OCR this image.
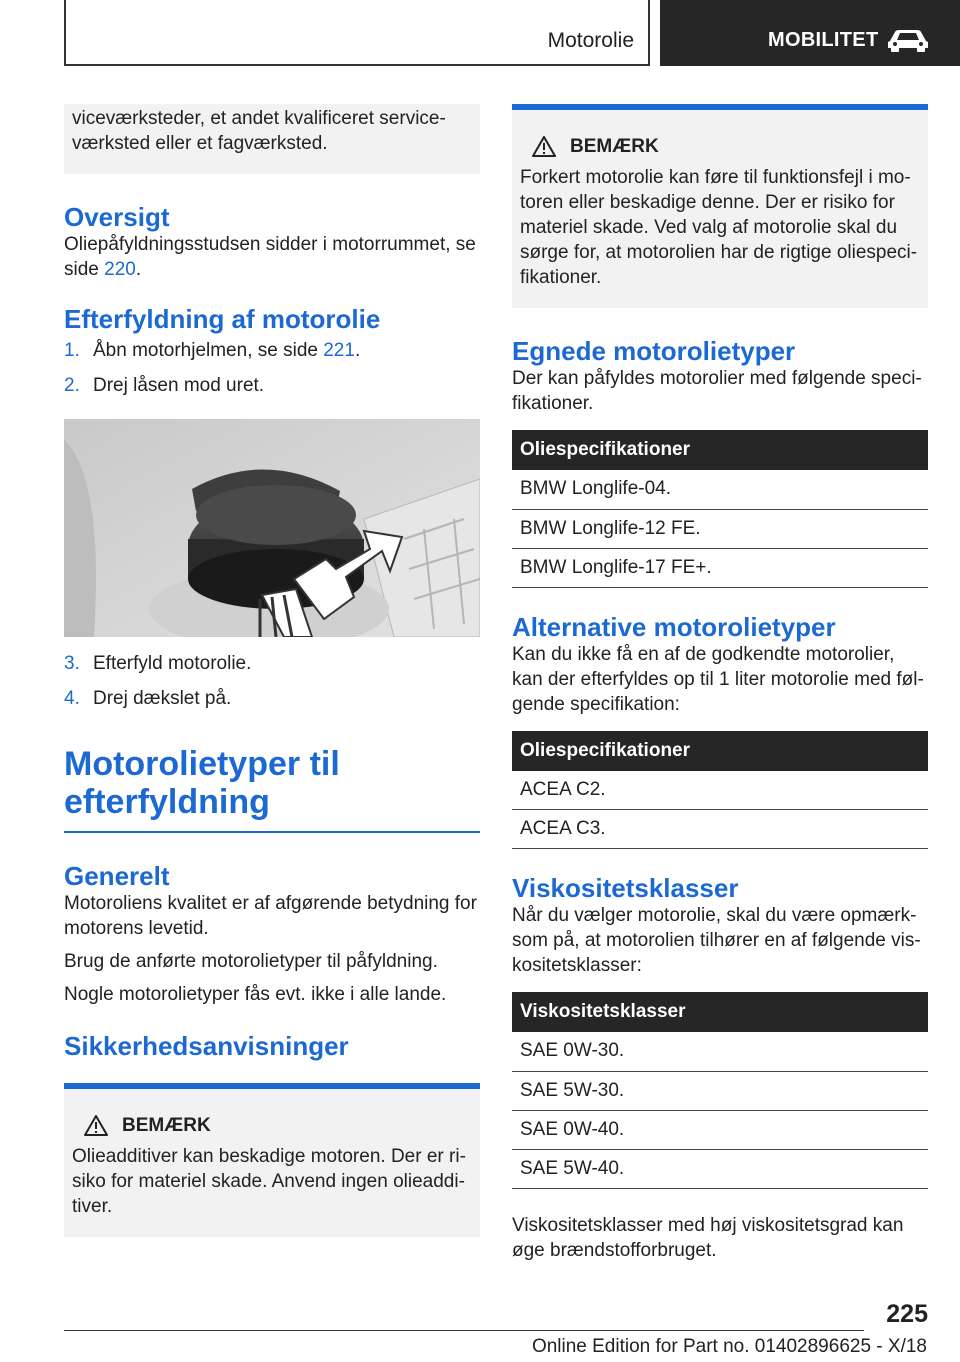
Motorolie	MOBILITET

viceværksteder, et andet kvalificeret service-værksted eller et fagværksted.

Oversigt

Oliepåfyldningsstudsen sidder i motorrummet, se side 220.

Efterfyldning af motorolie
1. Åbn motorhjelmen, se side 221.
2. Drej låsen mod uret.
3. Efterfyld motorolie.
4. Drej dækslet på.
Motorolietyper til
efterfyldning
Generelt

Motoroliens kvalitet er af afgørende betydning for motorens levetid.

Brug de anførte motorolietyper til påfyldning.

Nogle motorolietyper fås evt. ikke i alle lande.

Sikkerhedsanvisninger
BEMÆRK

Olieadditiver kan beskadige motoren. Der er ri-siko for materiel skade. Anvend ingen olieaddi-tiver.

BEMÆRK

Forkert motorolie kan føre til funktionsfejl i mo-toren eller beskadige denne. Der er risiko for materiel skade. Ved valg af motorolie skal du sørge for, at motorolien har de rigtige oliespeci-fikationer.

Egnede motorolietyper

Der kan påfyldes motorolier med følgende speci-fikationer.

Oliespecifikationer
BMW Longlife-04.
BMW Longlife-12 FE.
BMW Longlife-17 FE+.
Alternative motorolietyper

Kan du ikke få en af de godkendte motorolier, kan der efterfyldes op til 1 liter motorolie med føl-gende specifikation:

Oliespecifikationer
ACEA C2.
ACEA C3.
Viskositetsklasser

Når du vælger motorolie, skal du være opmærk-som på, at motorolien tilhører en af følgende vis-kositetsklasser:

Viskositetsklasser
SAE 0W-30.
SAE 5W-30.
SAE 0W-40.
SAE 5W-40.

Viskositetsklasser med høj viskositetsgrad kan øge brændstofforbruget.

225
Online Edition for Part no. 01402896625 - X/18
